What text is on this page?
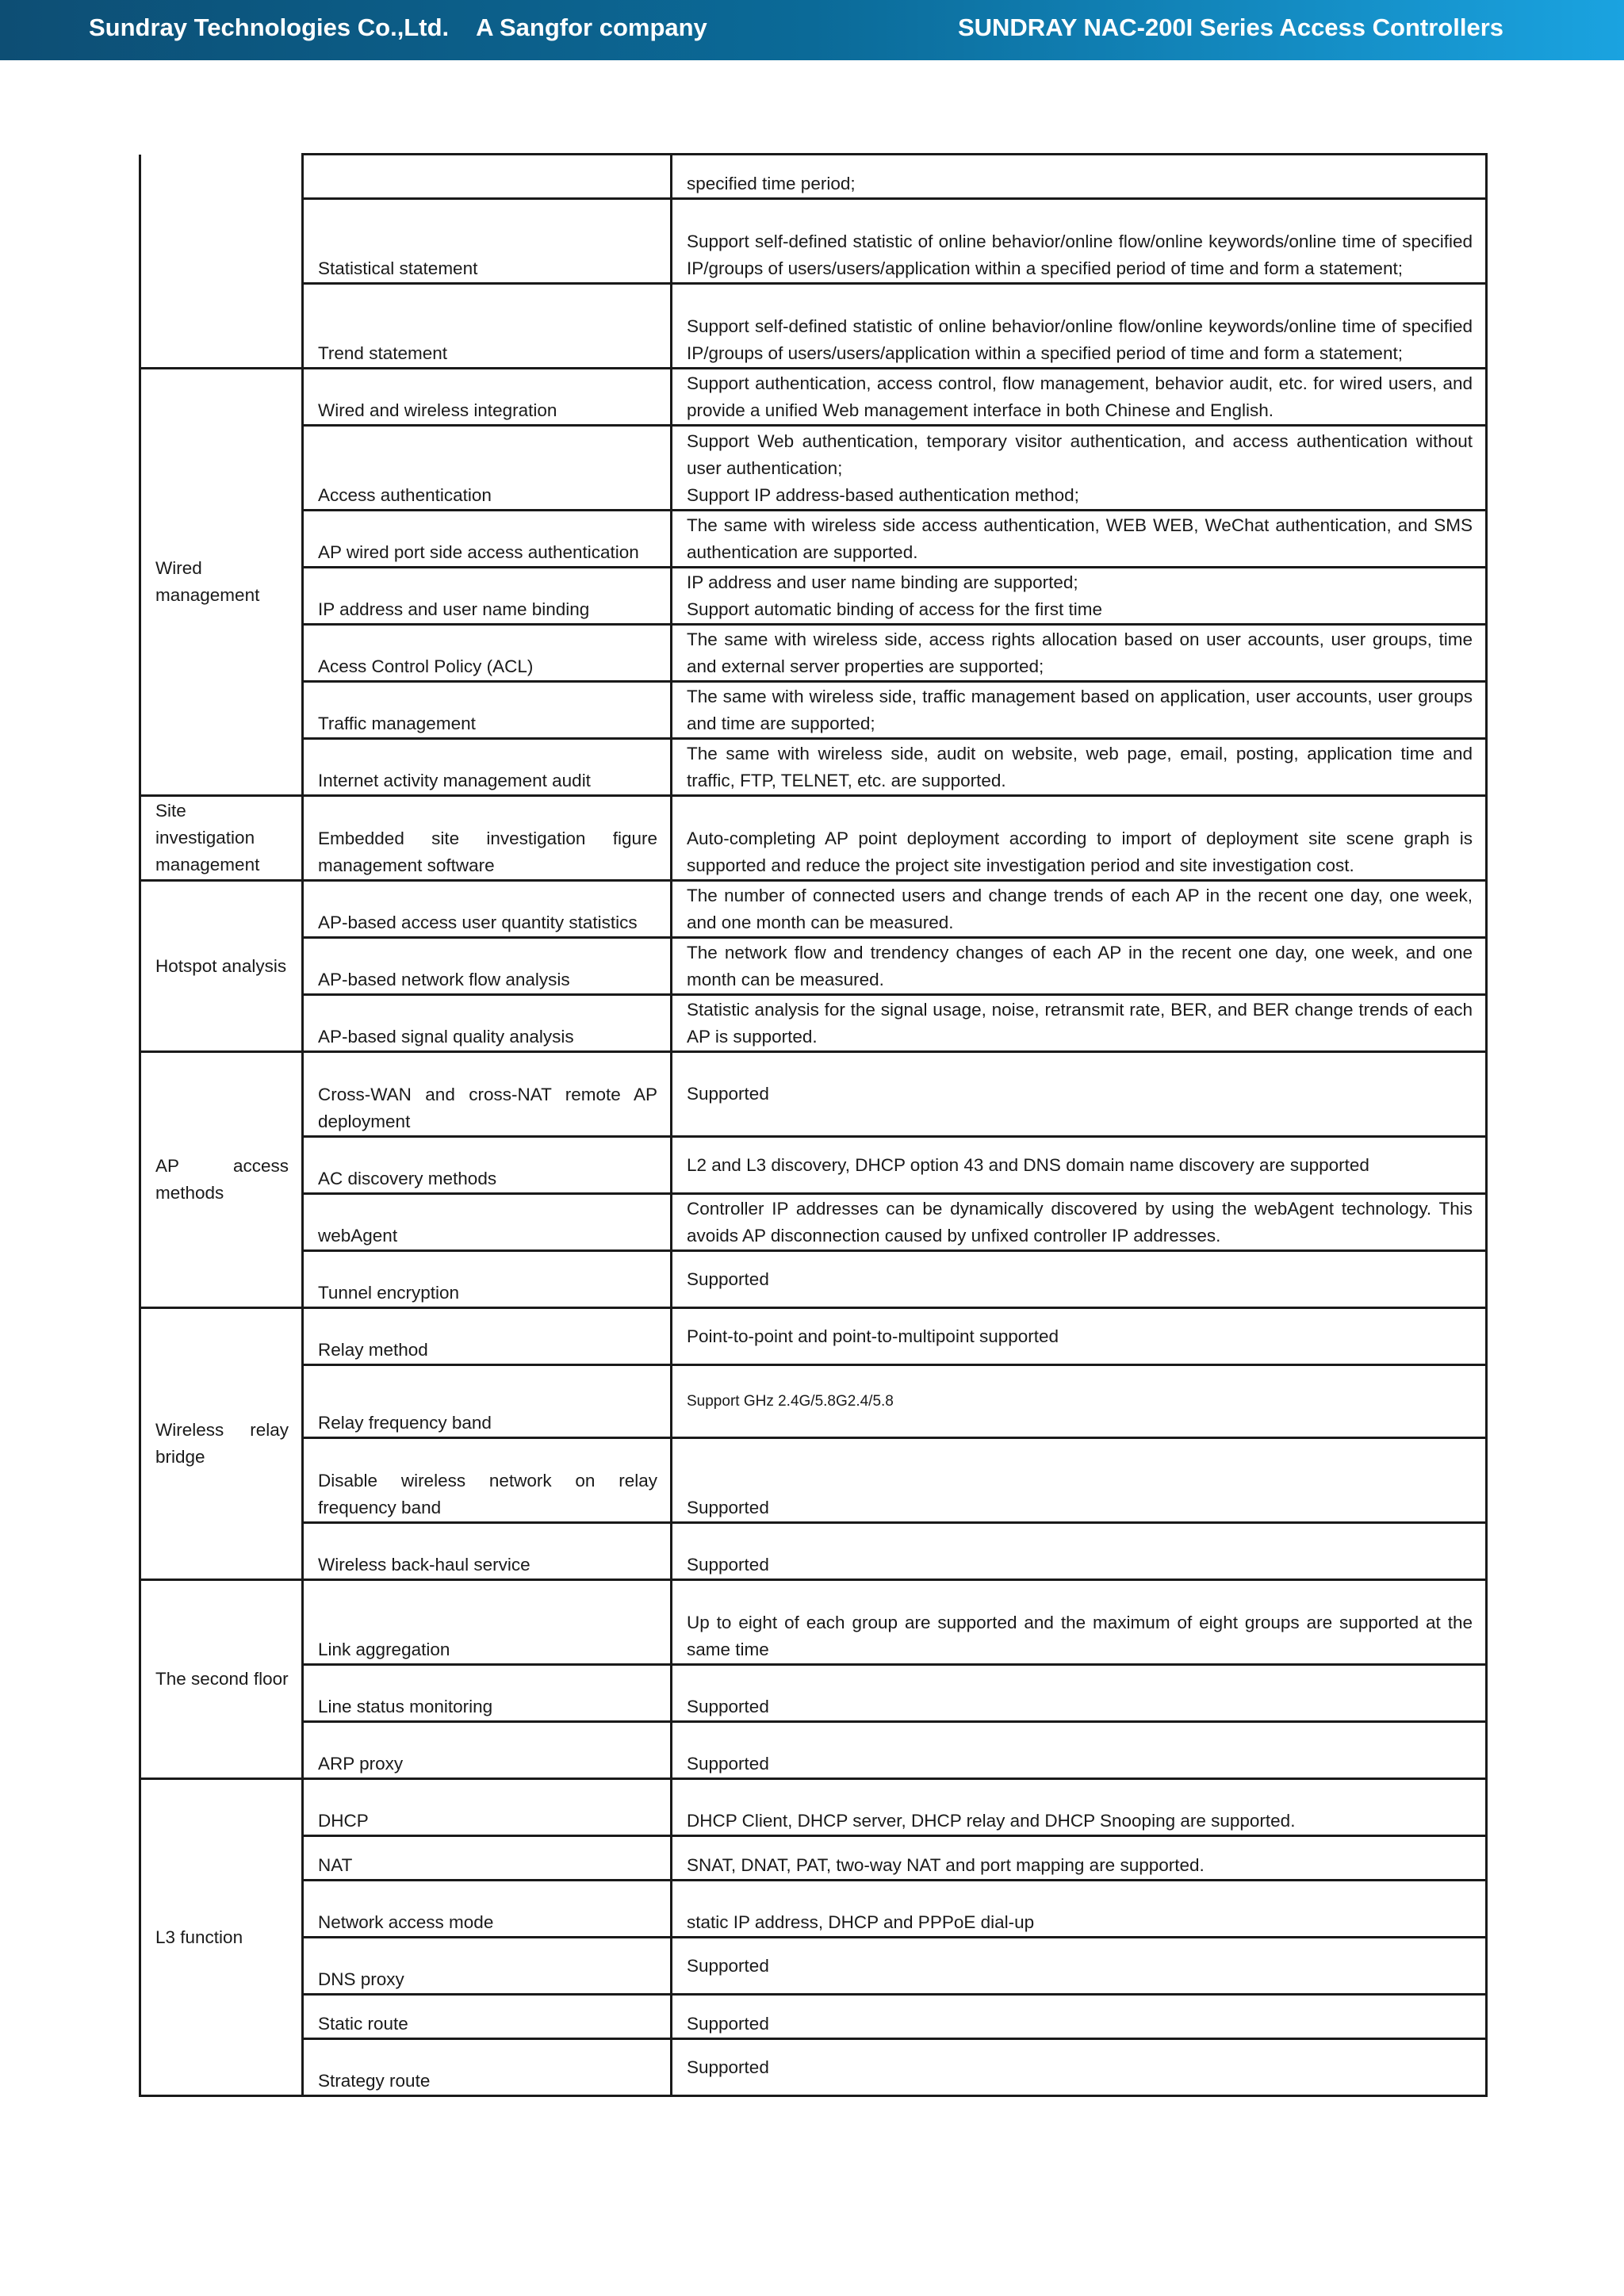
Sundray Technologies Co.,Ltd. A Sangfor company	SUNDRAY NAC-200I Series Access Controllers
		specified time period;
	Statistical statement	Support self-defined statistic of online behavior/online flow/online keywords/online time of specified IP/groups of users/users/application within a specified period of time and form a statement;
	Trend statement	Support self-defined statistic of online behavior/online flow/online keywords/online time of specified IP/groups of users/users/application within a specified period of time and form a statement;
Wired management	Wired and wireless integration	Support authentication, access control, flow management, behavior audit, etc. for wired users, and provide a unified Web management interface in both Chinese and English.
	Access authentication	Support Web authentication, temporary visitor authentication, and access authentication without user authentication;
Support IP address-based authentication method;
	AP wired port side access authentication	The same with wireless side access authentication, WEB WEB, WeChat authentication, and SMS authentication are supported.
	IP address and user name binding	IP address and user name binding are supported;
Support automatic binding of access for the first time
	Acess Control Policy (ACL)	The same with wireless side, access rights allocation based on user accounts, user groups, time and external server properties are supported;
	Traffic management	The same with wireless side, traffic management based on application, user accounts, user groups and time are supported;
	Internet activity management audit	The same with wireless side, audit on website, web page, email, posting, application time and traffic, FTP, TELNET, etc. are supported.
Site investigation management	Embedded site investigation figure management software	Auto-completing AP point deployment according to import of deployment site scene graph is supported and reduce the project site investigation period and site investigation cost.
Hotspot analysis	AP-based access user quantity statistics	The number of connected users and change trends of each AP in the recent one day, one week, and one month can be measured.
	AP-based network flow analysis	The network flow and trendency changes of each AP in the recent one day, one week, and one month can be measured.
	AP-based signal quality analysis	Statistic analysis for the signal usage, noise, retransmit rate, BER, and BER change trends of each AP is supported.
AP access methods	Cross-WAN and cross-NAT remote AP deployment	Supported
	AC discovery methods	L2 and L3 discovery, DHCP option 43 and DNS domain name discovery are supported
	webAgent	Controller IP addresses can be dynamically discovered by using the webAgent technology. This avoids AP disconnection caused by unfixed controller IP addresses.
	Tunnel encryption	Supported
Wireless relay bridge	Relay method	Point-to-point and point-to-multipoint supported
	Relay frequency band	Support GHz 2.4G/5.8G2.4/5.8
	Disable wireless network on relay frequency band	Supported
	Wireless back-haul service	Supported
The second floor	Link aggregation	Up to eight of each group are supported and the maximum of eight groups are supported at the same time
	Line status monitoring	Supported
	ARP proxy	Supported
L3 function	DHCP	DHCP Client, DHCP server, DHCP relay and DHCP Snooping are supported.
	NAT	SNAT, DNAT, PAT, two-way NAT and port mapping are supported.
	Network access mode	static IP address, DHCP and PPPoE dial-up
	DNS proxy	Supported
	Static route	Supported
	Strategy route	Supported
